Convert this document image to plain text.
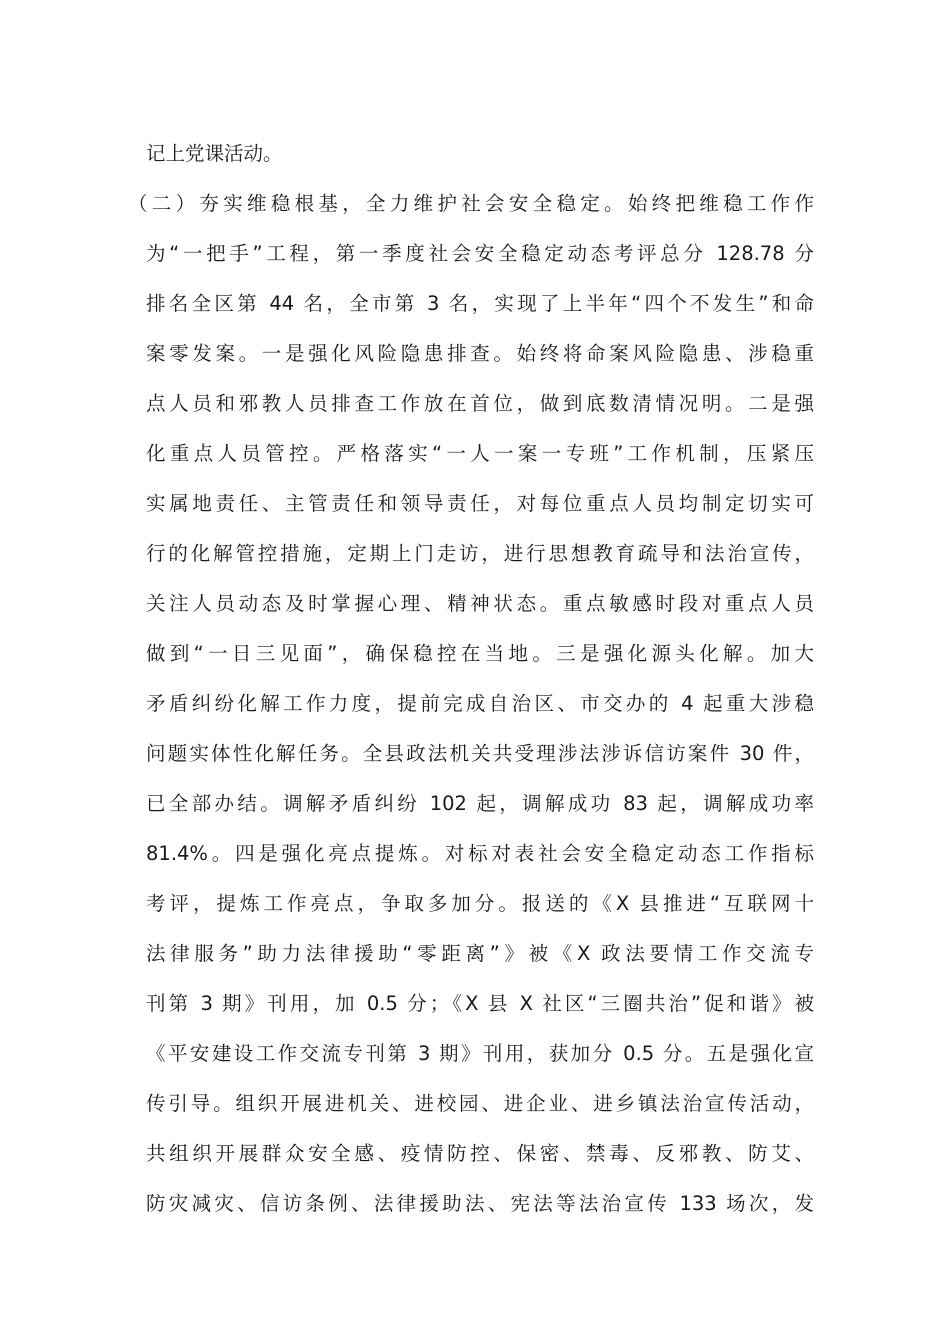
记上党课活动。
（二）夯实维稳根基，全力维护社会安全稳定。始终把维稳工作作
为“一把手”工程，第一季度社会安全稳定动态考评总分 128.78 分
排名全区第 44 名，全市第 3 名，实现了上半年“四个不发生”和命
案零发案。一是强化风险隐患排查。始终将命案风险隐患、涉稳重
点人员和邪教人员排查工作放在首位，做到底数清情况明。二是强
化重点人员管控。严格落实“一人一案一专班”工作机制，压紧压
实属地责任、主管责任和领导责任，对每位重点人员均制定切实可
行的化解管控措施，定期上门走访，进行思想教育疏导和法治宣传，
关注人员动态及时掌握心理、精神状态。重点敏感时段对重点人员
做到“一日三见面”，确保稳控在当地。三是强化源头化解。加大
矛盾纠纷化解工作力度，提前完成自治区、市交办的 4 起重大涉稳
问题实体性化解任务。全县政法机关共受理涉法涉诉信访案件 30 件，
已全部办结。调解矛盾纠纷 102 起，调解成功 83 起，调解成功率
81.4%。四是强化亮点提炼。对标对表社会安全稳定动态工作指标
考评，提炼工作亮点，争取多加分。报送的《X 县推进“互联网十
法律服务”助力法律援助“零距离”》被《X 政法要情工作交流专
刊第 3 期》刊用，加 0.5 分；《X 县 X 社区“三圈共治”促和谐》被
《平安建设工作交流专刊第 3 期》刊用，获加分 0.5 分。五是强化宣
传引导。组织开展进机关、进校园、进企业、进乡镇法治宣传活动，
共组织开展群众安全感、疫情防控、保密、禁毒、反邪教、防艾、
防灾减灾、信访条例、法律援助法、宪法等法治宣传 133 场次，发
